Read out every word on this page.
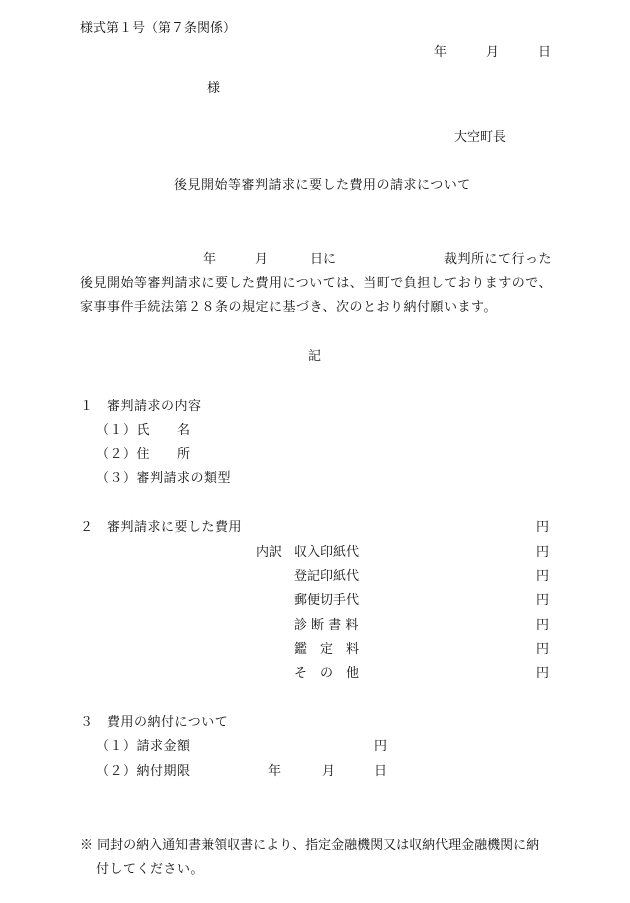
様式第１号（第７条関係）
年	月	日
様
大空町長
後見開始等審判請求に要した費用の請求について
年	月	日に	裁判所にて行った
後見開始等審判請求に要した費用については、当町で負担しておりますので、
家事事件手続法第２８条の規定に基づき、次のとおり納付願います。
記
１　審判請求の内容
（１）氏　　名
（２）住　　所
（３）審判請求の類型
２　審判請求に要した費用	円
内訳 収入印紙代	円
登記印紙代	円
郵便切手代	円
診 断 書 料	円
鑑　定　料	円
そ　の　他	円
３　費用の納付について
（１）請求金額	円
（２）納付期限	年	月	日
※ 同封の納入通知書兼領収書により、指定金融機関又は収納代理金融機関に納
付してください。
